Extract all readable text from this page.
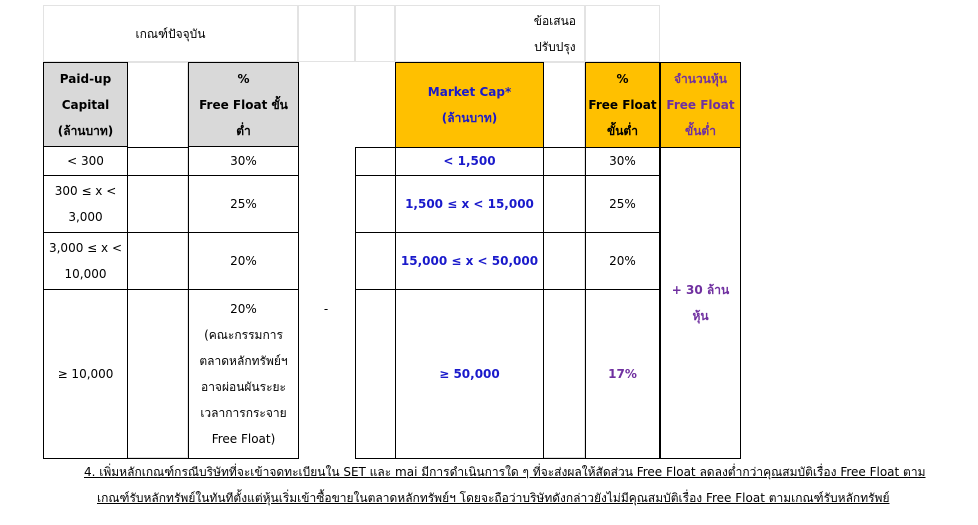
เกณฑ์ปัจจุบัน
ข้อเสนอ
ปรับปรุง
Paid-up
Capital
(ล้านบาท)
%
Free Float ขั้น
ต่ำ
< 300
300 ≤ x <
3,000
3,000 ≤ x <
10,000
≥ 10,000
30%
25%
20%
20%
(คณะกรรมการ
ตลาดหลักทรัพย์ฯ
อาจผ่อนผันระยะ
เวลาการกระจาย
Free Float)
-
Market Cap*
(ล้านบาท)
%
Free Float
ขั้นต่ำ
จำนวนหุ้น
Free Float
ขั้นต่ำ
< 1,500
1,500 ≤ x < 15,000
15,000 ≤ x < 50,000
≥ 50,000
30%
25%
20%
17%
+ 30 ล้าน
หุ้น
4. เพิ่มหลักเกณฑ์กรณีบริษัทที่จะเข้าจดทะเบียนใน SET และ mai มีการดำเนินการใด ๆ ที่จะส่งผลให้สัดส่วน Free Float ลดลงต่ำกว่าคุณสมบัติเรื่อง Free Float ตาม
เกณฑ์รับหลักทรัพย์ในทันทีตั้งแต่หุ้นเริ่มเข้าซื้อขายในตลาดหลักทรัพย์ฯ โดยจะถือว่าบริษัทดังกล่าวยังไม่มีคุณสมบัติเรื่อง Free Float ตามเกณฑ์รับหลักทรัพย์
